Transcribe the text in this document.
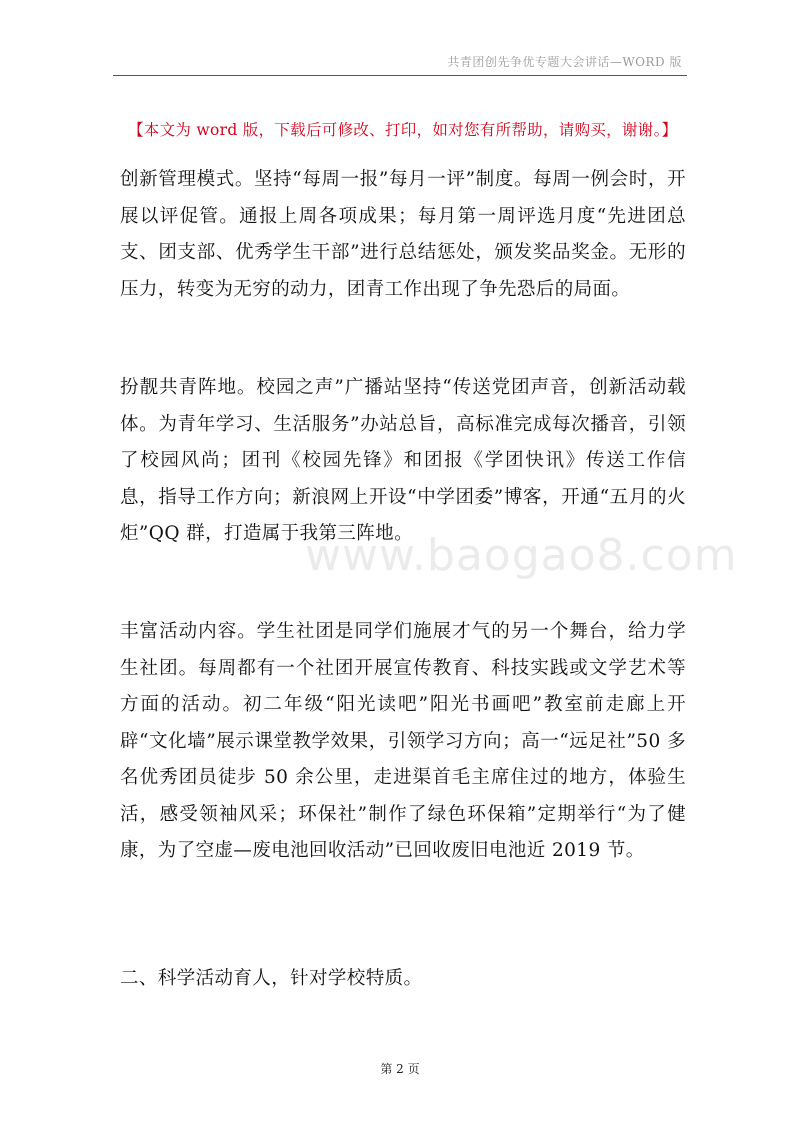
共青团创先争优专题大会讲话—WORD 版
【本文为 word 版，下载后可修改、打印，如对您有所帮助，请购买，谢谢。】

创新管理模式。坚持“每周一报”每月一评”制度。每周一例会时，开展以评促管。通报上周各项成果；每月第一周评选月度“先进团总支、团支部、优秀学生干部”进行总结惩处，颁发奖品奖金。无形的压力，转变为无穷的动力，团青工作出现了争先恐后的局面。

www.baogao8.com

扮靓共青阵地。校园之声”广播站坚持“传送党团声音，创新活动载体。为青年学习、生活服务”办站总旨，高标准完成每次播音，引领了校园风尚；团刊《校园先锋》和团报《学团快讯》传送工作信息，指导工作方向；新浪网上开设“中学团委”博客，开通“五月的火炬”QQ 群，打造属于我第三阵地。

丰富活动内容。学生社团是同学们施展才气的另一个舞台，给力学生社团。每周都有一个社团开展宣传教育、科技实践或文学艺术等方面的活动。初二年级“阳光读吧”阳光书画吧”教室前走廊上开辟“文化墙”展示课堂教学效果，引领学习方向；高一“远足社”50 多名优秀团员徒步 50 余公里，走进渠首毛主席住过的地方，体验生活，感受领袖风采；环保社”制作了绿色环保箱”定期举行“为了健康，为了空虚—废电池回收活动”已回收废旧电池近 2019 节。

二、科学活动育人，针对学校特质。

第 2 页
